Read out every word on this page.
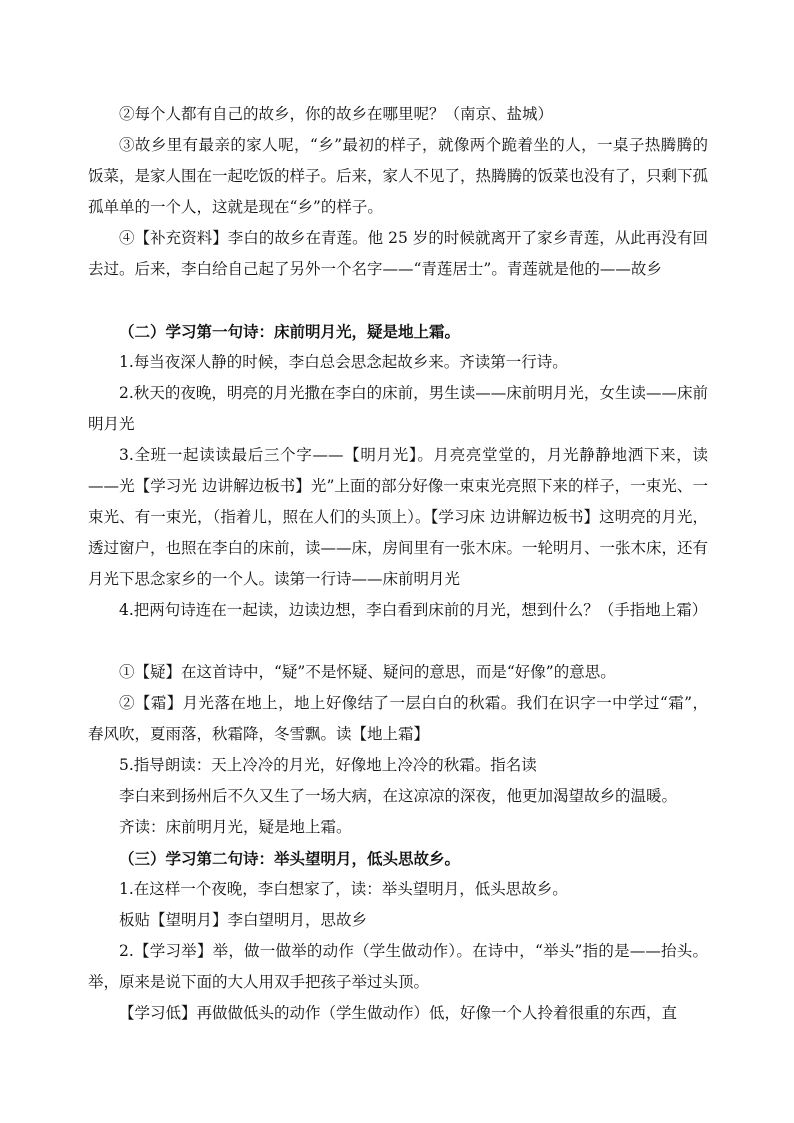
②每个人都有自己的故乡，你的故乡在哪里呢？（南京、盐城）

③故乡里有最亲的家人呢，“乡”最初的样子，就像两个跪着坐的人，一桌子热腾腾的饭菜，是家人围在一起吃饭的样子。后来，家人不见了，热腾腾的饭菜也没有了，只剩下孤孤单单的一个人，这就是现在“乡”的样子。

④【补充资料】李白的故乡在青莲。他 25 岁的时候就离开了家乡青莲，从此再没有回去过。后来，李白给自己起了另外一个名字——“青莲居士”。青莲就是他的——故乡

（二）学习第一句诗：床前明月光，疑是地上霜。

1.每当夜深人静的时候，李白总会思念起故乡来。齐读第一行诗。

2.秋天的夜晚，明亮的月光撒在李白的床前，男生读——床前明月光，女生读——床前明月光

3.全班一起读读最后三个字——【明月光】。月亮亮堂堂的，月光静静地洒下来，读——光【学习光 边讲解边板书】光”上面的部分好像一束束光亮照下来的样子，一束光、一束光、有一束光，（指着儿，照在人们的头顶上）。【学习床 边讲解边板书】这明亮的月光，透过窗户，也照在李白的床前，读——床，房间里有一张木床。一轮明月、一张木床，还有月光下思念家乡的一个人。读第一行诗——床前明月光

4.把两句诗连在一起读，边读边想，李白看到床前的月光，想到什么？（手指地上霜）

①【疑】在这首诗中，“疑”不是怀疑、疑问的意思，而是“好像”的意思。

②【霜】月光落在地上，地上好像结了一层白白的秋霜。我们在识字一中学过“霜”，春风吹，夏雨落，秋霜降，冬雪飘。读【地上霜】

5.指导朗读：天上冷冷的月光，好像地上冷冷的秋霜。指名读

李白来到扬州后不久又生了一场大病，在这凉凉的深夜，他更加渴望故乡的温暖。

齐读：床前明月光，疑是地上霜。

（三）学习第二句诗：举头望明月，低头思故乡。

1.在这样一个夜晚，李白想家了，读：举头望明月，低头思故乡。

板贴【望明月】李白望明月，思故乡

2.【学习举】举，做一做举的动作（学生做动作）。在诗中，“举头”指的是——抬头。举，原来是说下面的大人用双手把孩子举过头顶。

【学习低】再做做低头的动作（学生做动作）低，好像一个人拎着很重的东西，直
